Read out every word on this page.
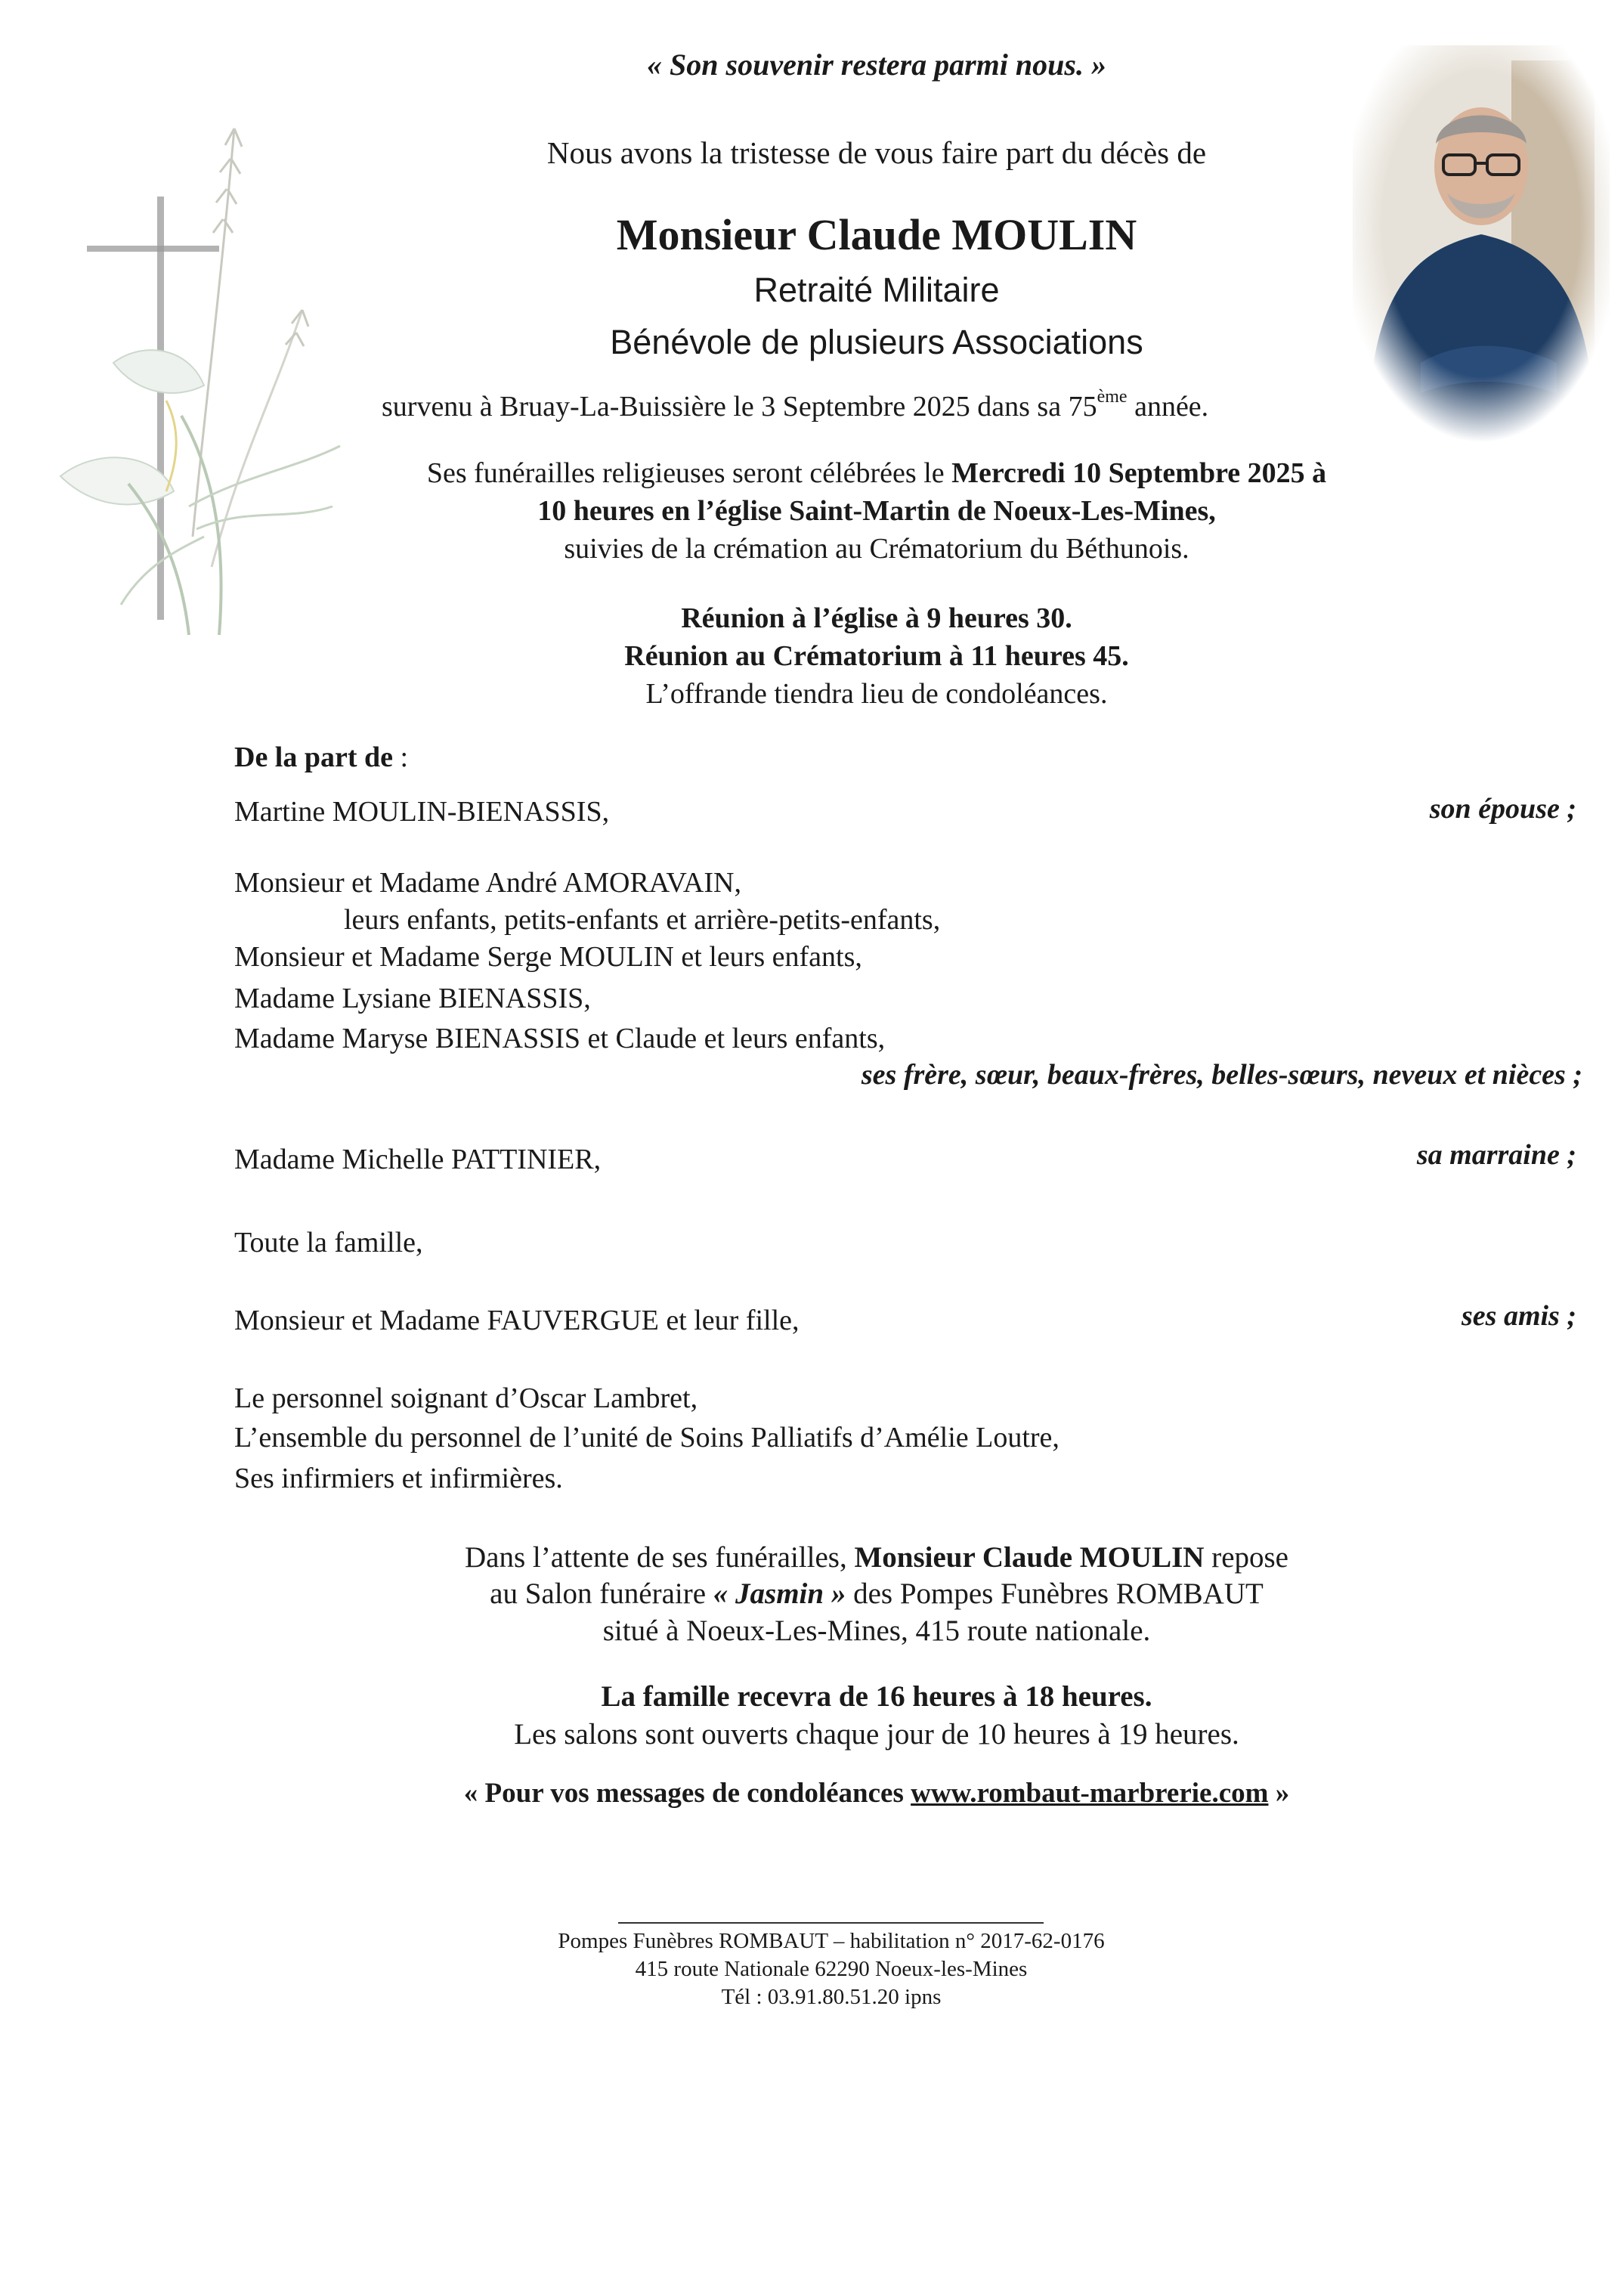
« Son souvenir restera parmi nous. »
Nous avons la tristesse de vous faire part du décès de
Monsieur Claude MOULIN
Retraité Militaire
Bénévole de plusieurs Associations
survenu à Bruay-La-Buissière le 3 Septembre 2025 dans sa 75ème année.
Ses funérailles religieuses seront célébrées le Mercredi 10 Septembre 2025 à
10 heures en l’église Saint-Martin de Noeux-Les-Mines,
suivies de la crémation au Crématorium du Béthunois.
Réunion à l’église à 9 heures 30.
Réunion au Crématorium à 11 heures 45.
L’offrande tiendra lieu de condoléances.
De la part de :
Martine MOULIN-BIENASSIS,	son épouse ;
Monsieur et Madame André AMORAVAIN,
leurs enfants, petits-enfants et arrière-petits-enfants,
Monsieur et Madame Serge MOULIN et leurs enfants,
Madame Lysiane BIENASSIS,
Madame Maryse BIENASSIS et Claude et leurs enfants,
ses frère, sœur, beaux-frères, belles-sœurs, neveux et nièces ;
Madame Michelle PATTINIER,	sa marraine ;
Toute la famille,
Monsieur et Madame FAUVERGUE et leur fille,	ses amis ;
Le personnel soignant d’Oscar Lambret,
L’ensemble du personnel de l’unité de Soins Palliatifs d’Amélie Loutre,
Ses infirmiers et infirmières.
Dans l’attente de ses funérailles, Monsieur Claude MOULIN repose
au Salon funéraire « Jasmin » des Pompes Funèbres ROMBAUT
situé à Noeux-Les-Mines, 415 route nationale.
La famille recevra de 16 heures à 18 heures.
Les salons sont ouverts chaque jour de 10 heures à 19 heures.
« Pour vos messages de condoléances www.rombaut-marbrerie.com »
Pompes Funèbres ROMBAUT – habilitation n° 2017-62-0176
415 route Nationale 62290 Noeux-les-Mines
Tél : 03.91.80.51.20 ipns
